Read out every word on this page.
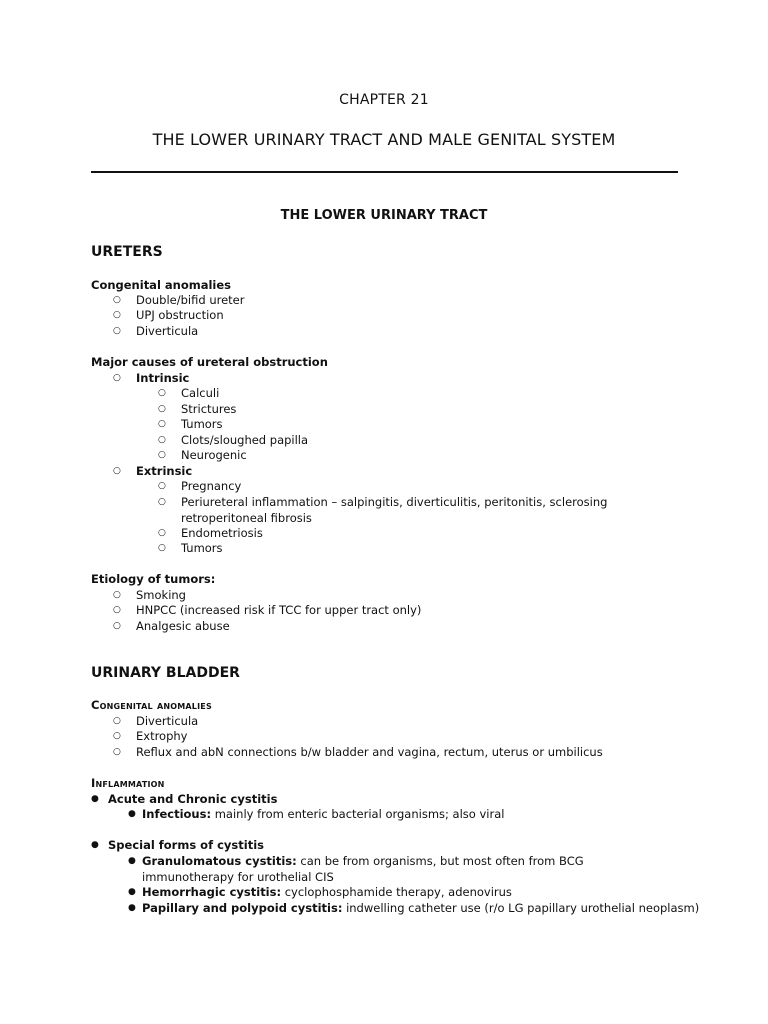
CHAPTER 21
THE LOWER URINARY TRACT AND MALE GENITAL SYSTEM
THE LOWER URINARY TRACT
URETERS
Congenital anomalies
○ Double/bifid ureter
○ UPJ obstruction
○ Diverticula
Major causes of ureteral obstruction
○ Intrinsic
○ Calculi
○ Strictures
○ Tumors
○ Clots/sloughed papilla
○ Neurogenic
○ Extrinsic
○ Pregnancy
○ Periureteral inflammation – salpingitis, diverticulitis, peritonitis, sclerosing retroperitoneal fibrosis
○ Endometriosis
○ Tumors
Etiology of tumors:
○ Smoking
○ HNPCC (increased risk if TCC for upper tract only)
○ Analgesic abuse
URINARY BLADDER
Congenital anomalies
○ Diverticula
○ Extrophy
○ Reflux and abN connections b/w bladder and vagina, rectum, uterus or umbilicus
Inflammation
● Acute and Chronic cystitis
● Infectious: mainly from enteric bacterial organisms; also viral
● Special forms of cystitis
● Granulomatous cystitis: can be from organisms, but most often from BCG immunotherapy for urothelial CIS
● Hemorrhagic cystitis: cyclophosphamide therapy, adenovirus
● Papillary and polypoid cystitis: indwelling catheter use (r/o LG papillary urothelial neoplasm)
